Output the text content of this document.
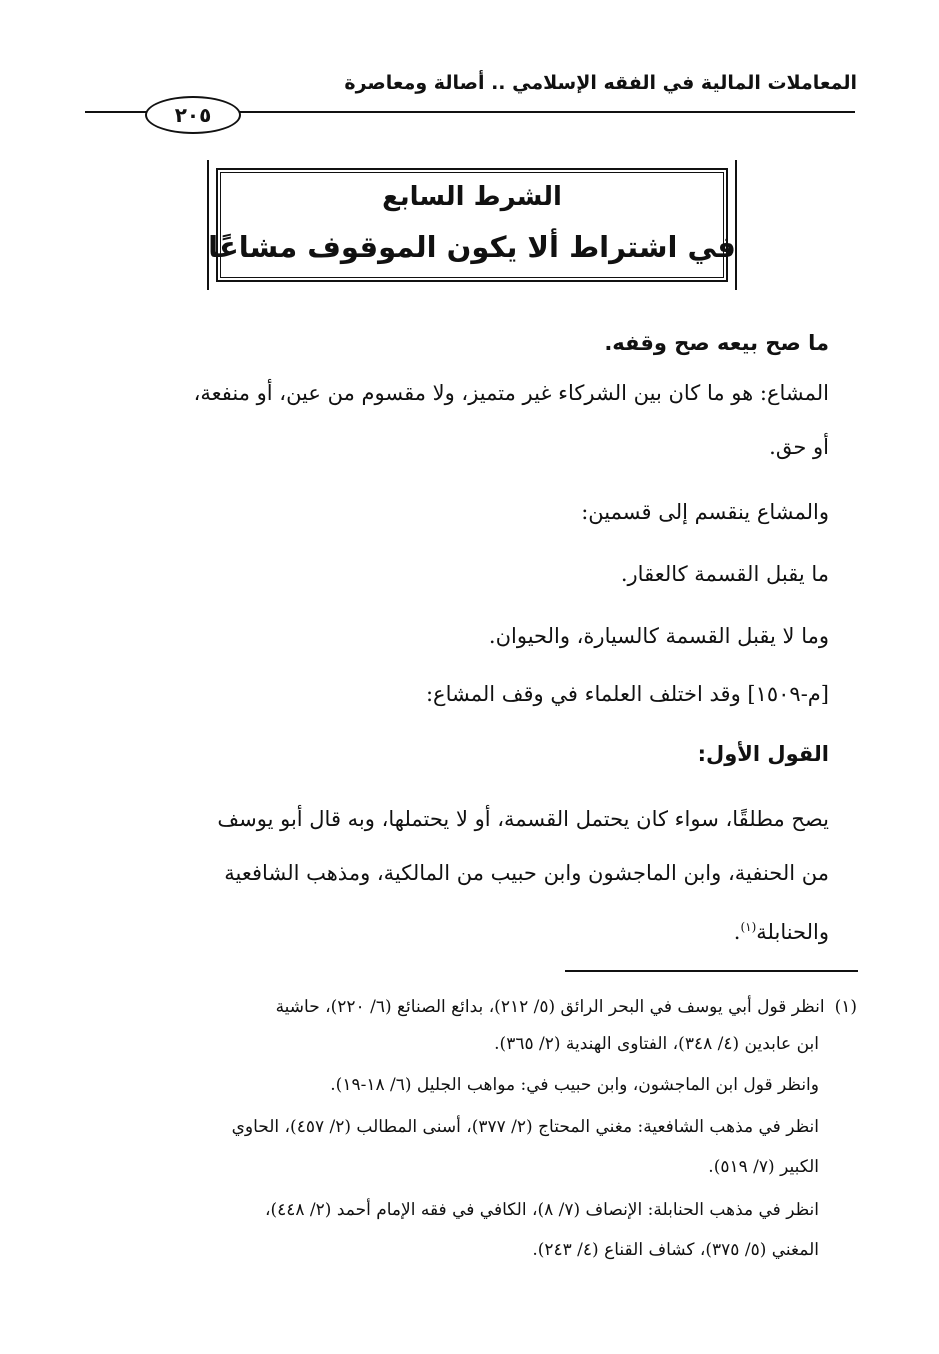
المعاملات المالية في الفقه الإسلامي .. أصالة ومعاصرة
٢٠٥
الشرط السابع
في اشتراط ألا يكون الموقوف مشاعًا
ما صح بيعه صح وقفه.
المشاع: هو ما كان بين الشركاء غير متميز، ولا مقسوم من عين، أو منفعة،
أو حق.
والمشاع ينقسم إلى قسمين:
ما يقبل القسمة كالعقار.
وما لا يقبل القسمة كالسيارة، والحيوان.
[م-١٥٠٩] وقد اختلف العلماء في وقف المشاع:
القول الأول:
يصح مطلقًا، سواء كان يحتمل القسمة، أو لا يحتملها، وبه قال أبو يوسف
من الحنفية، وابن الماجشون وابن حبيب من المالكية، ومذهب الشافعية
والحنابلة$^{(١)}$.
(١)انظر قول أبي يوسف في البحر الرائق (٥/ ٢١٢)، بدائع الصنائع (٦/ ٢٢٠)، حاشية
ابن عابدين (٤/ ٣٤٨)، الفتاوى الهندية (٢/ ٣٦٥).
وانظر قول ابن الماجشون، وابن حبيب في: مواهب الجليل (٦/ ١٨-١٩).
انظر في مذهب الشافعية: مغني المحتاج (٢/ ٣٧٧)، أسنى المطالب (٢/ ٤٥٧)، الحاوي
الكبير (٧/ ٥١٩).
انظر في مذهب الحنابلة: الإنصاف (٧/ ٨)، الكافي في فقه الإمام أحمد (٢/ ٤٤٨)،
المغني (٥/ ٣٧٥)، كشاف القناع (٤/ ٢٤٣).
